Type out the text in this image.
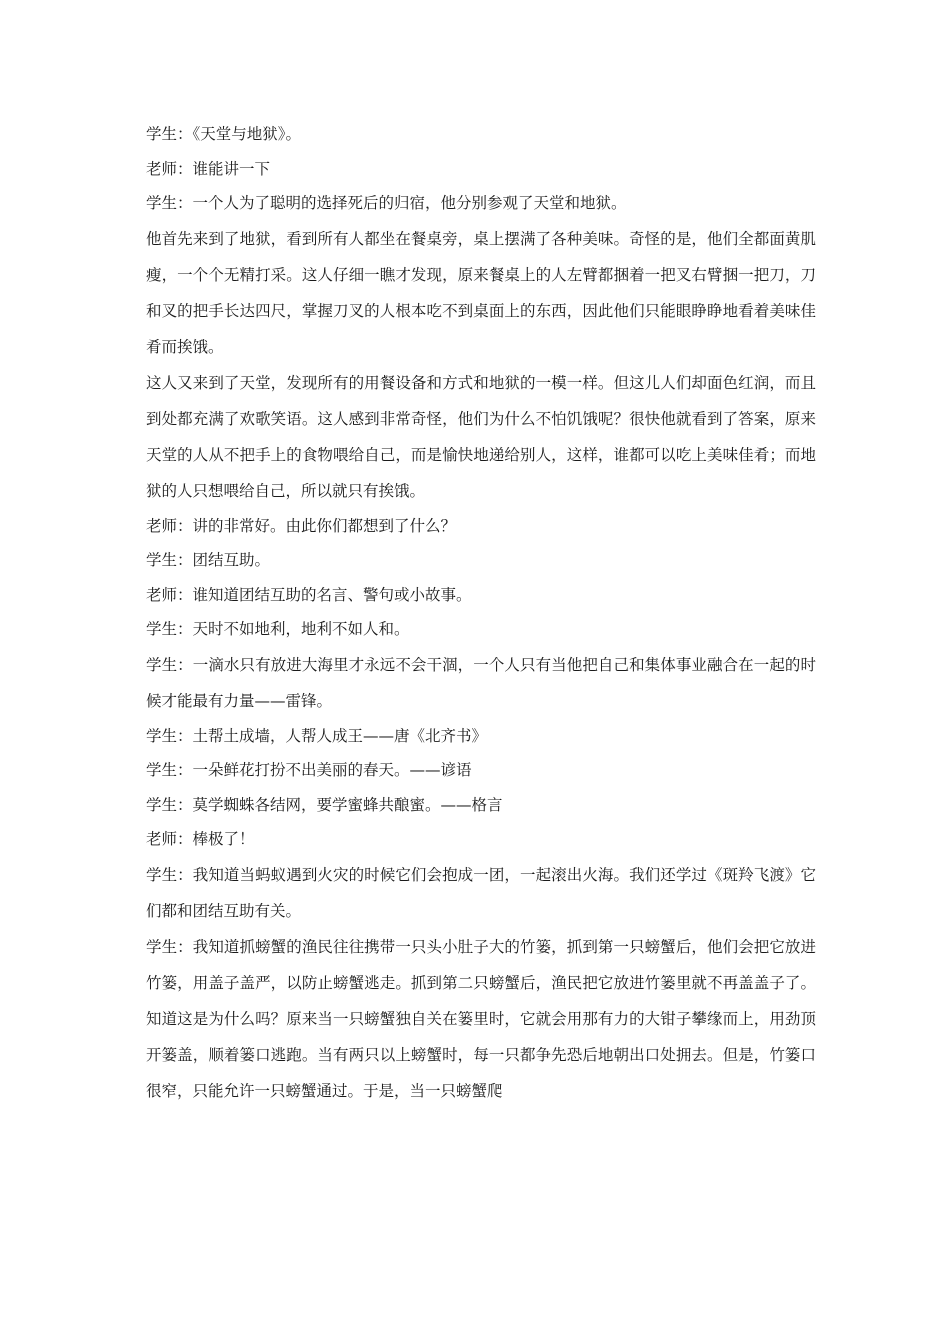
学生：《天堂与地狱》。

老师：谁能讲一下

学生：一个人为了聪明的选择死后的归宿，他分别参观了天堂和地狱。

他首先来到了地狱，看到所有人都坐在餐桌旁，桌上摆满了各种美味。奇怪的是，他们全都面黄肌瘦，一个个无精打采。这人仔细一瞧才发现，原来餐桌上的人左臂都捆着一把叉右臂捆一把刀，刀和叉的把手长达四尺，掌握刀叉的人根本吃不到桌面上的东西，因此他们只能眼睁睁地看着美味佳肴而挨饿。

这人又来到了天堂，发现所有的用餐设备和方式和地狱的一模一样。但这儿人们却面色红润，而且到处都充满了欢歌笑语。这人感到非常奇怪，他们为什么不怕饥饿呢？很快他就看到了答案，原来天堂的人从不把手上的食物喂给自己，而是愉快地递给别人，这样，谁都可以吃上美味佳肴；而地狱的人只想喂给自己，所以就只有挨饿。

老师：讲的非常好。由此你们都想到了什么？

学生：团结互助。

老师：谁知道团结互助的名言、警句或小故事。

学生：天时不如地利，地利不如人和。

学生：一滴水只有放进大海里才永远不会干涸，一个人只有当他把自己和集体事业融合在一起的时候才能最有力量——雷锋。

学生：土帮土成墙，人帮人成王——唐《北齐书》

学生：一朵鲜花打扮不出美丽的春天。——谚语

学生：莫学蜘蛛各结网，要学蜜蜂共酿蜜。——格言

老师：棒极了！

学生：我知道当蚂蚁遇到火灾的时候它们会抱成一团，一起滚出火海。我们还学过《斑羚飞渡》它们都和团结互助有关。

学生：我知道抓螃蟹的渔民往往携带一只头小肚子大的竹篓，抓到第一只螃蟹后，他们会把它放进竹篓，用盖子盖严，以防止螃蟹逃走。抓到第二只螃蟹后，渔民把它放进竹篓里就不再盖盖子了。知道这是为什么吗？原来当一只螃蟹独自关在篓里时，它就会用那有力的大钳子攀缘而上，用劲顶开篓盖，顺着篓口逃跑。当有两只以上螃蟹时，每一只都争先恐后地朝出口处拥去。但是，竹篓口很窄，只能允许一只螃蟹通过。于是，当一只螃蟹爬
